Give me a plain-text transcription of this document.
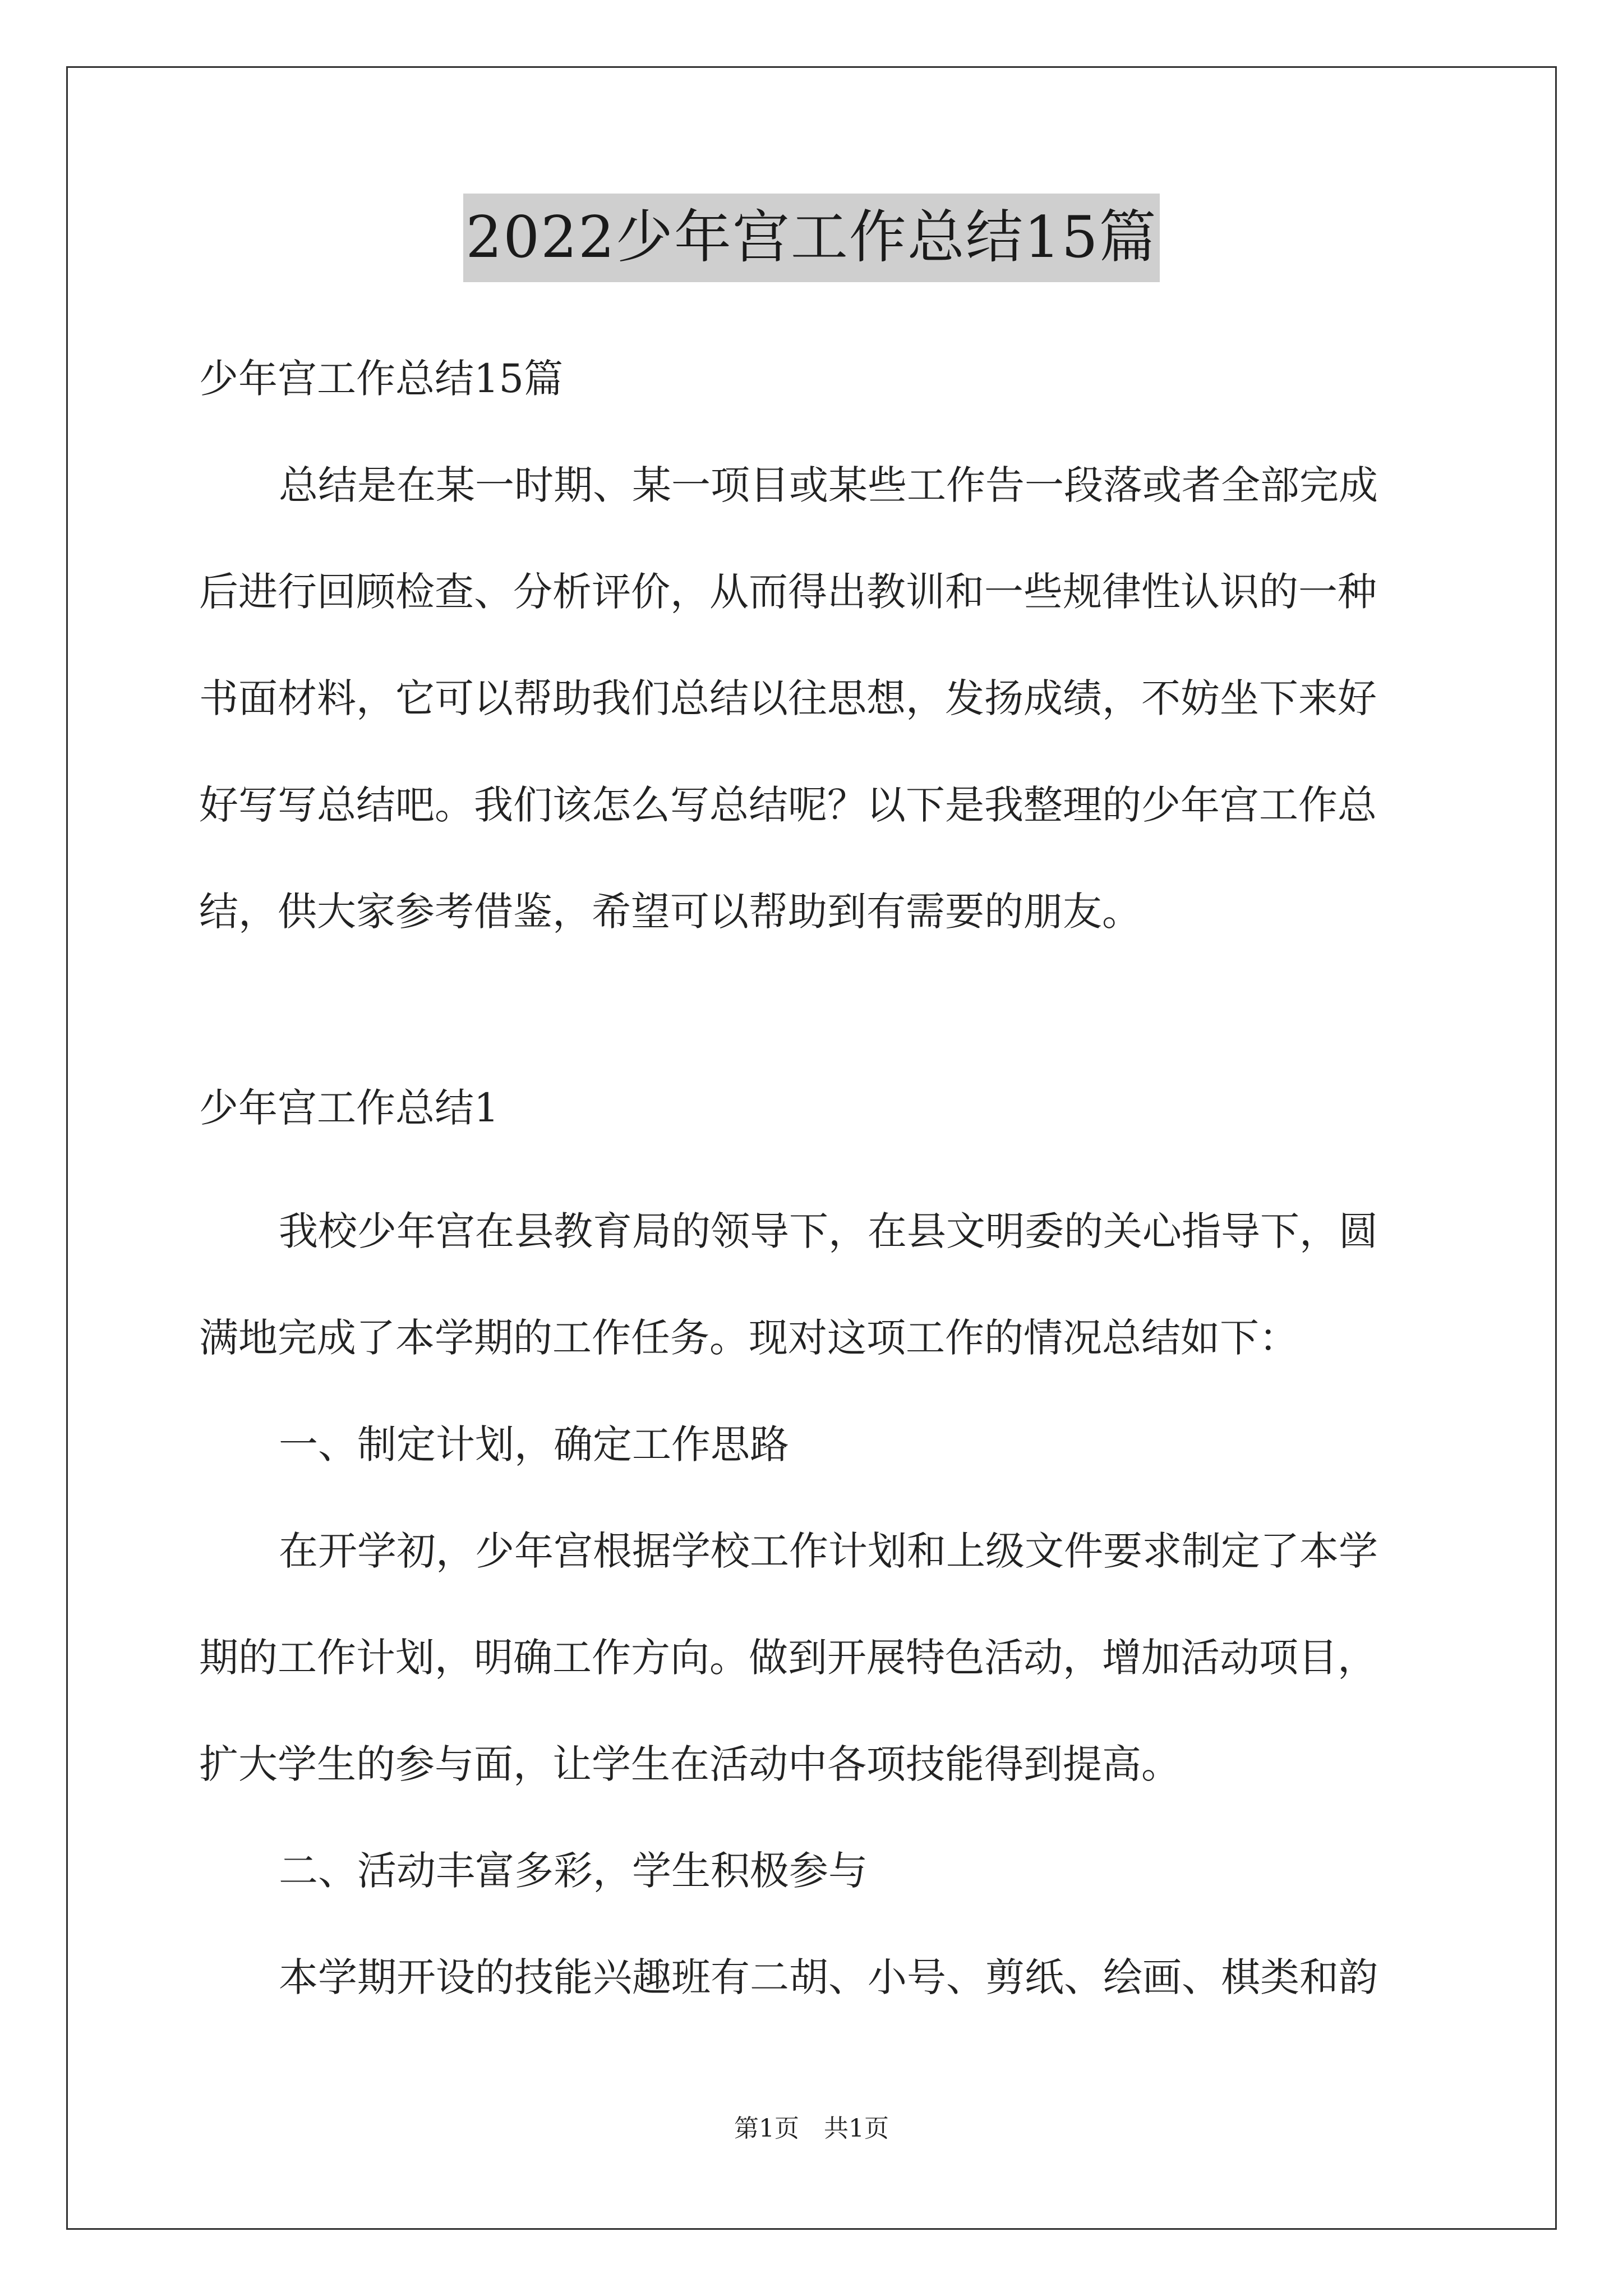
2022少年宫工作总结15篇
少年宫工作总结15篇
总结是在某一时期、某一项目或某些工作告一段落或者全部完成
后进行回顾检查、分析评价，从而得出教训和一些规律性认识的一种
书面材料，它可以帮助我们总结以往思想，发扬成绩，不妨坐下来好
好写写总结吧。我们该怎么写总结呢？以下是我整理的少年宫工作总
结，供大家参考借鉴，希望可以帮助到有需要的朋友。
少年宫工作总结1
我校少年宫在县教育局的领导下，在县文明委的关心指导下，圆
满地完成了本学期的工作任务。现对这项工作的情况总结如下：
一、制定计划，确定工作思路
在开学初，少年宫根据学校工作计划和上级文件要求制定了本学
期的工作计划，明确工作方向。做到开展特色活动，增加活动项目，
扩大学生的参与面，让学生在活动中各项技能得到提高。
二、活动丰富多彩，学生积极参与
本学期开设的技能兴趣班有二胡、小号、剪纸、绘画、棋类和韵
第1页　共1页
